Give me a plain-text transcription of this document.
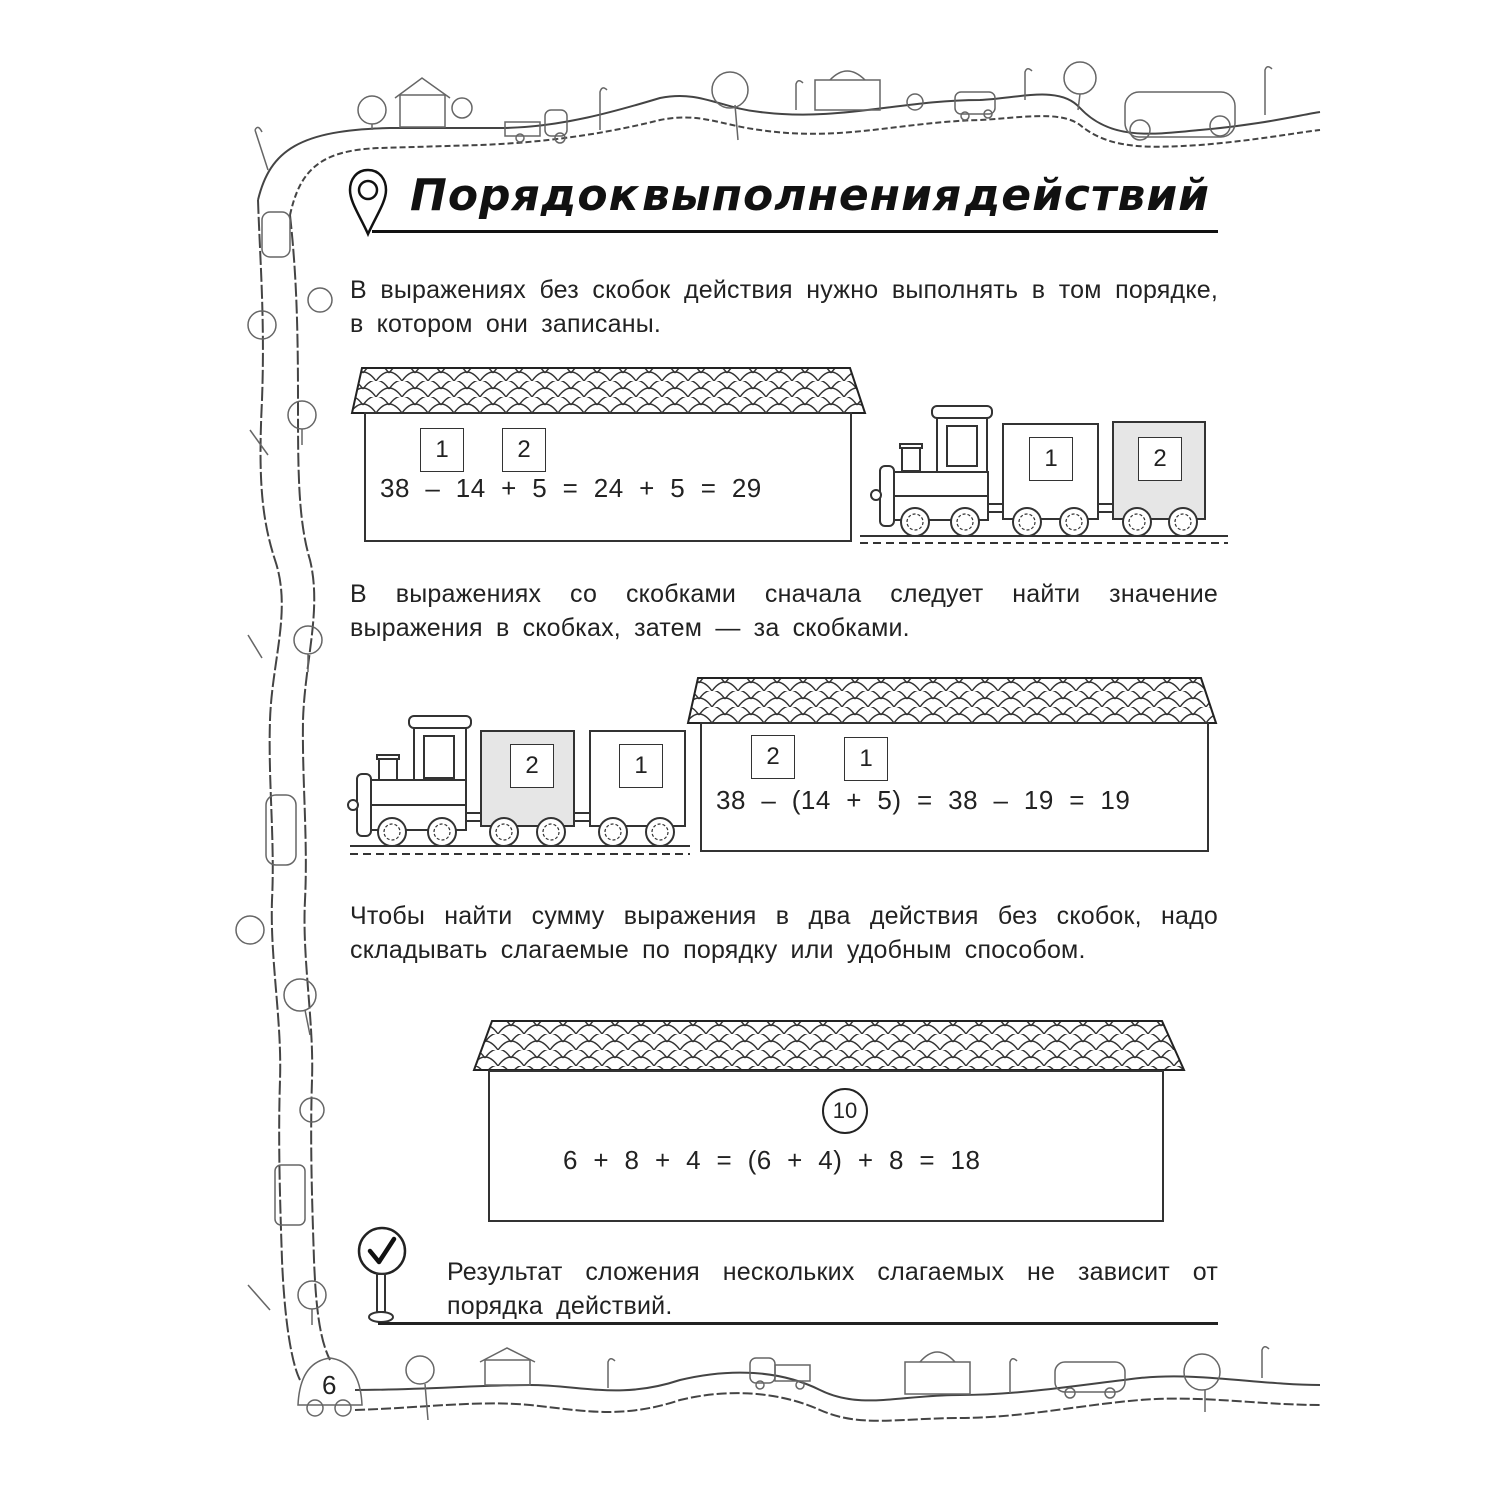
Порядок выполнения действий
В выражениях без скобок действия нужно выполнять в том порядке, в котором они записаны.
1	2
38  –  14  +  5  =  24  +  5  =  29
1	2
В выражениях со скобками сначала следует найти значение выражения в скобках, затем — за скобками.
2	1	2	1
38  –  (14  +  5)  =  38  –  19  =  19
Чтобы найти сумму выражения в два действия без скобок, надо складывать слагаемые по порядку или удобным способом.
10
6  +  8  +  4  =  (6  +  4)  +  8  =  18
Результат сложения нескольких слагаемых не зависит от порядка действий.
6
